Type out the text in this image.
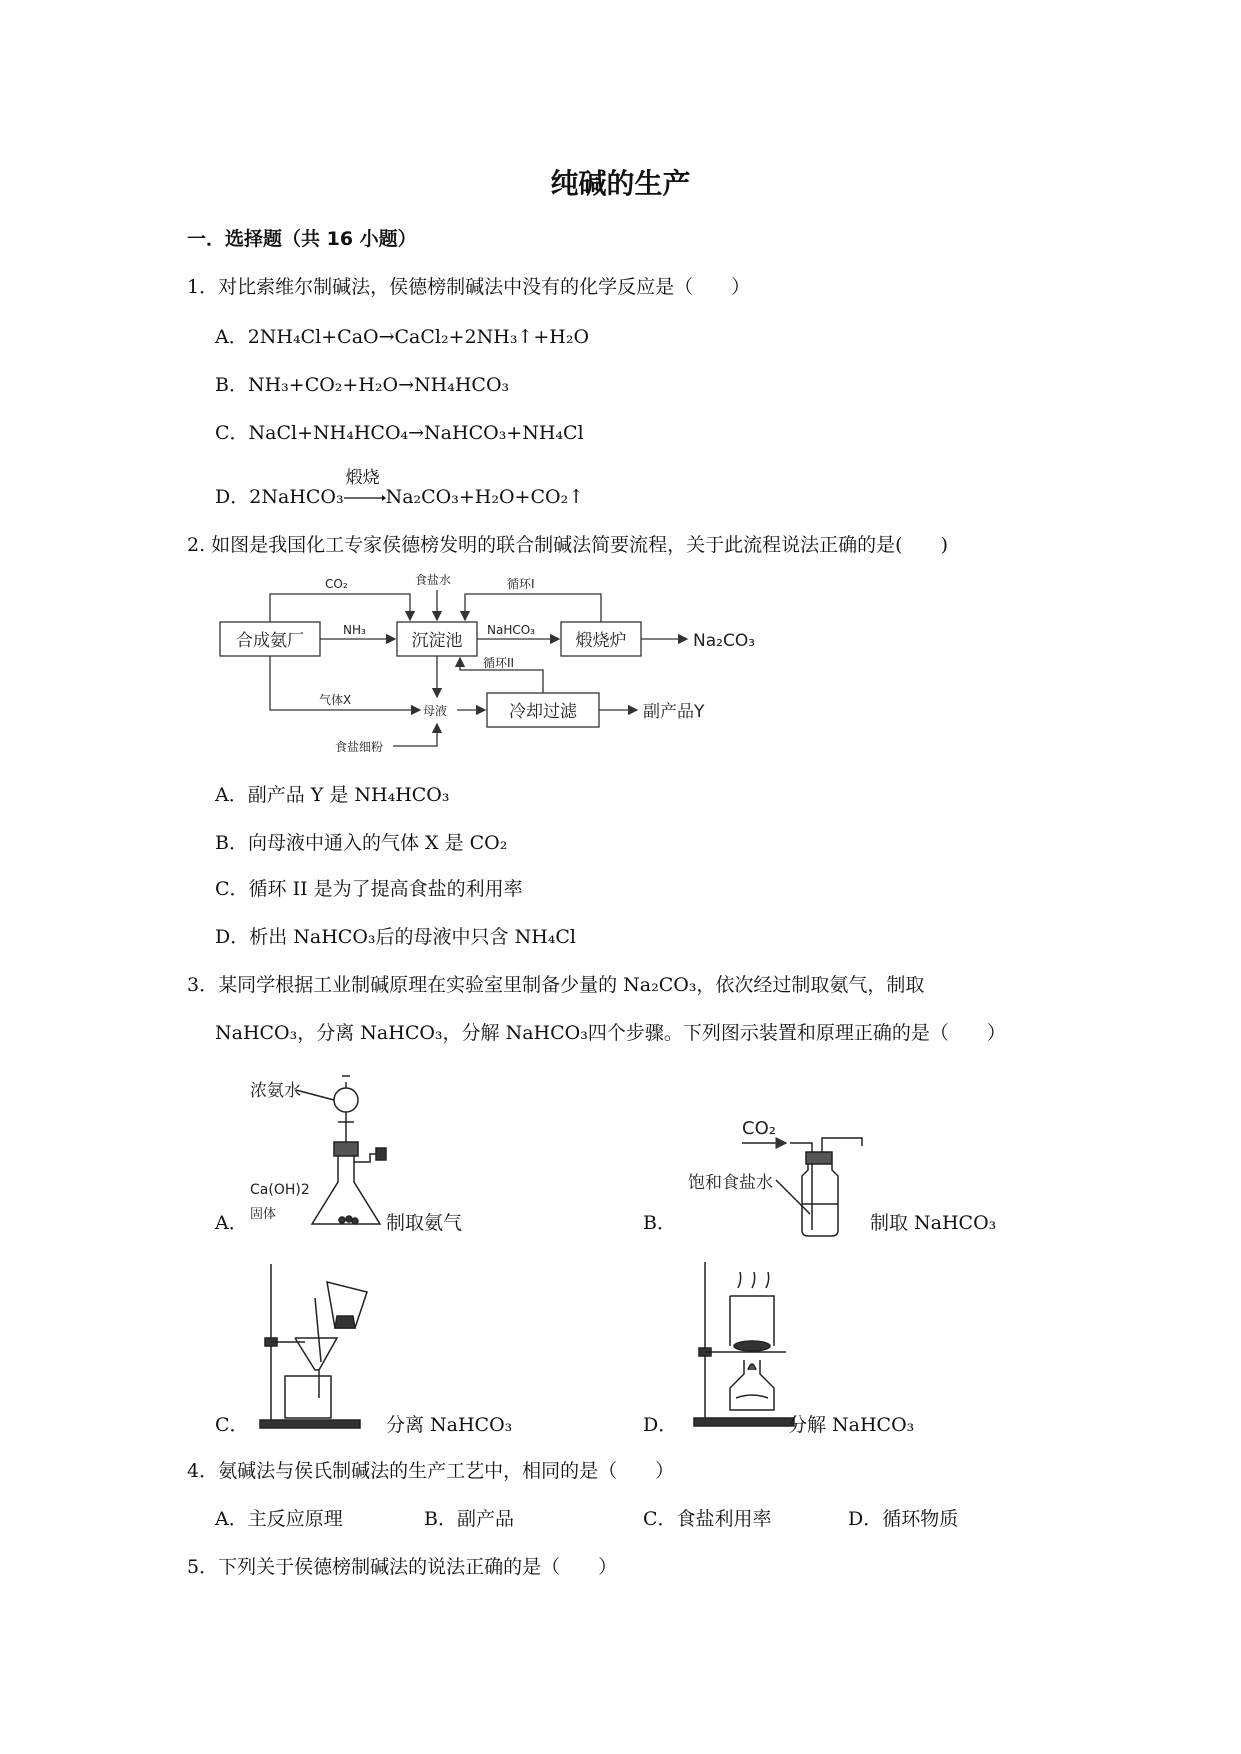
纯碱的生产
一．选择题（共 16 小题）
1．对比索维尔制碱法，侯德榜制碱法中没有的化学反应是（　　）
A．2NH₄Cl+CaO→CaCl₂+2NH₃↑+H₂O
B．NH₃+CO₂+H₂O→NH₄HCO₃
C．NaCl+NH₄HCO₄→NaHCO₃+NH₄Cl
D．2NaHCO₃
煅烧
Na₂CO₃+H₂O+CO₂↑
2. 如图是我国化工专家侯德榜发明的联合制碱法简要流程，关于此流程说法正确的是(　　)
合成氨厂	沉淀池	煅烧炉
冷却过滤
Na₂CO₃
副产品Y
CO₂
NH₃
食盐水	循环I
NaHCO₃
循环II
气体X
母液
食盐细粉
A．副产品 Y 是 NH₄HCO₃
B．向母液中通入的气体 X 是 CO₂
C．循环 II 是为了提高食盐的利用率
D．析出 NaHCO₃后的母液中只含 NH₄Cl
3．某同学根据工业制碱原理在实验室里制备少量的 Na₂CO₃，依次经过制取氨气，制取
NaHCO₃，分离 NaHCO₃，分解 NaHCO₃四个步骤。下列图示装置和原理正确的是（　　）
浓氨水
Ca(OH)2
固体
A．	制取氨气
CO₂
饱和食盐水
B．	制取 NaHCO₃
C．	分离 NaHCO₃	D．	分解 NaHCO₃
4．氨碱法与侯氏制碱法的生产工艺中，相同的是（　　）
A．主反应原理	B．副产品	C．食盐利用率	D．循环物质
5．下列关于侯德榜制碱法的说法正确的是（　　）
